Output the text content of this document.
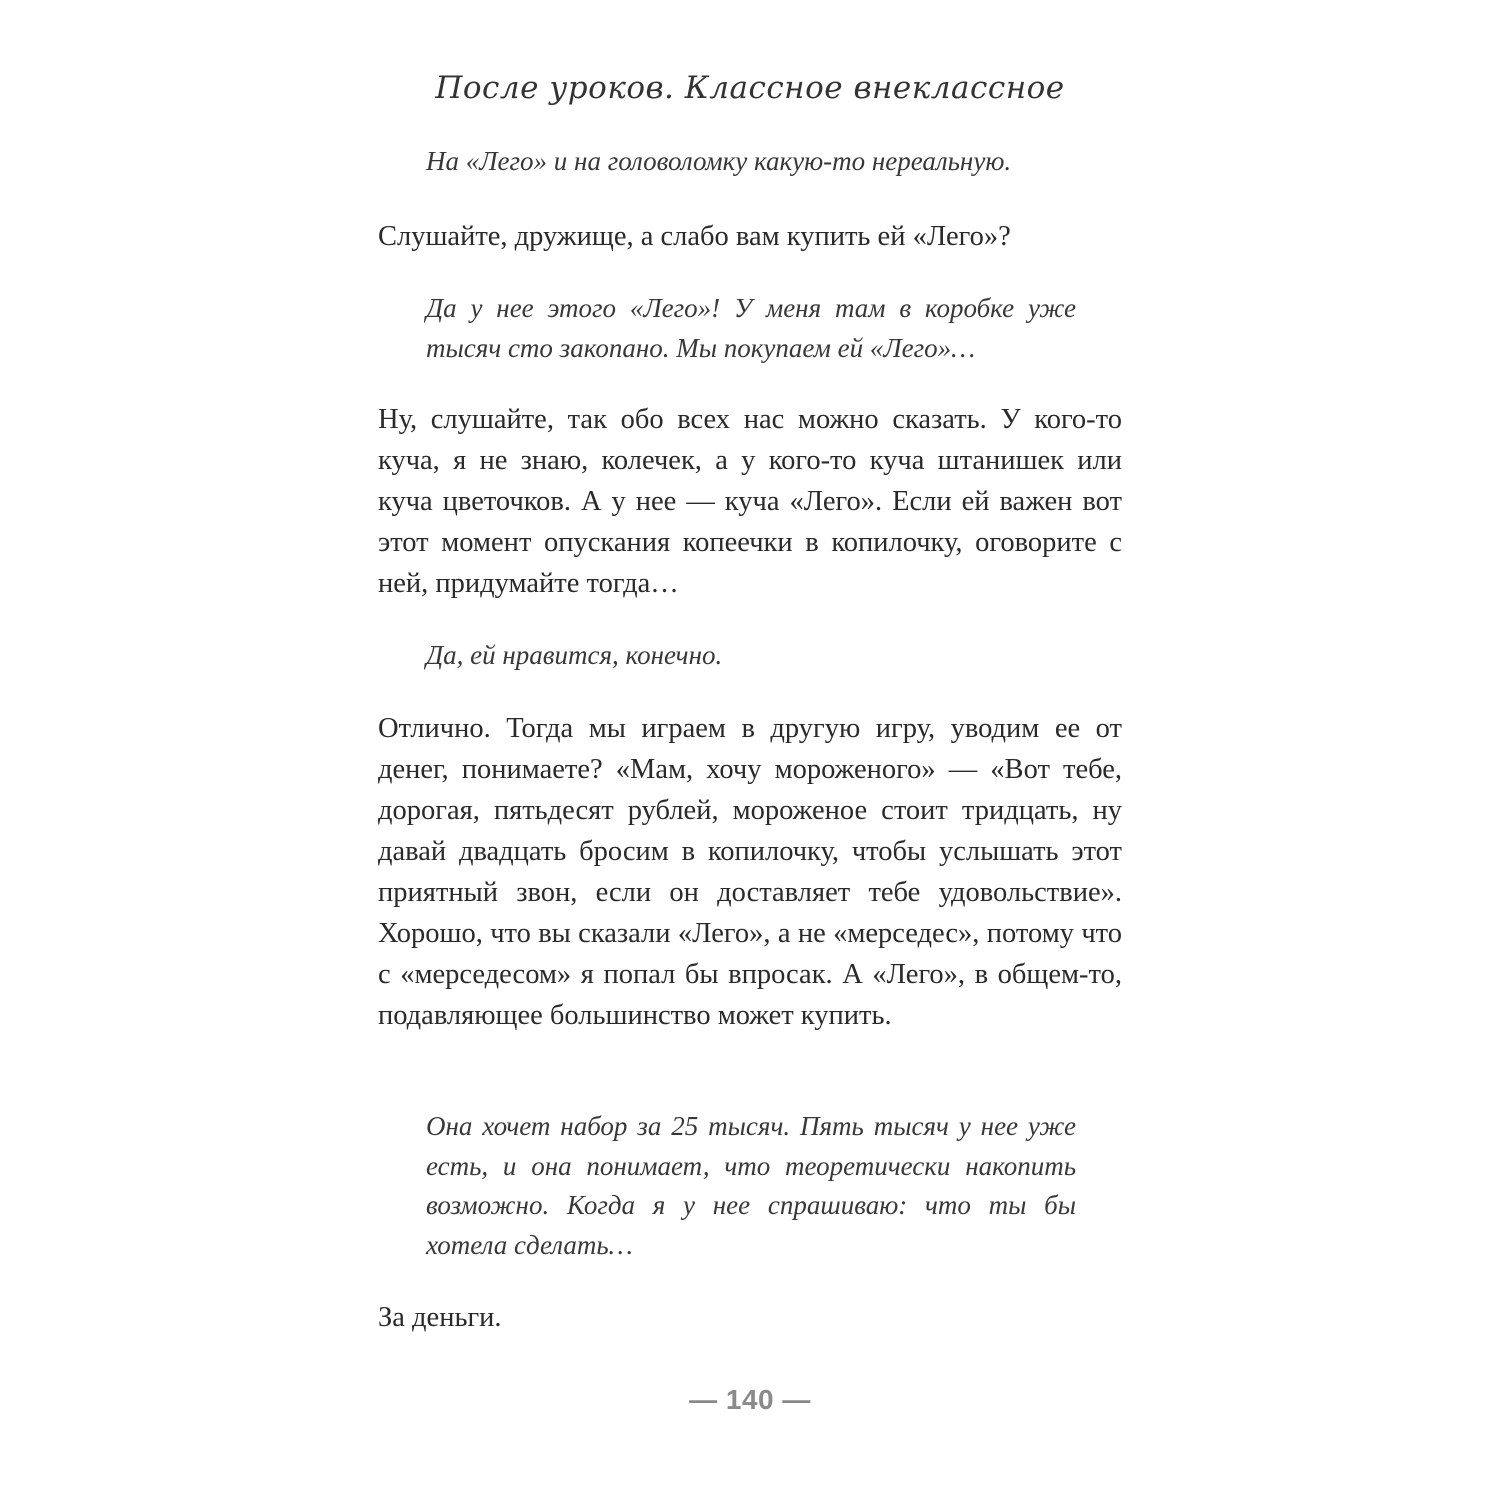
После уроков. Классное внеклассное

На «Лего» и на головоломку какую-то нереальную.

Слушайте, дружище, а слабо вам купить ей «Лего»?

Да у нее этого «Лего»! У меня там в коробке уже тысяч сто закопано. Мы покупаем ей «Лего»…

Ну, слушайте, так обо всех нас можно сказать. У кого-то куча, я не знаю, колечек, а у кого-то куча штанишек или куча цветочков. А у нее — куча «Лего». Если ей важен вот этот момент опускания копеечки в копилочку, оговорите с ней, придумайте тогда…

Да, ей нравится, конечно.

Отлично. Тогда мы играем в другую игру, уводим ее от денег, понимаете? «Мам, хочу мороженого» — «Вот тебе, дорогая, пятьдесят рублей, мороженое стоит тридцать, ну давай двадцать бросим в копилочку, чтобы услышать этот приятный звон, если он доставляет тебе удовольствие». Хорошо, что вы сказали «Лего», а не «мерседес», потому что с «мерседесом» я попал бы впросак. А «Лего», в общем-то, подавляющее большинство может купить.

Она хочет набор за 25 тысяч. Пять тысяч у нее уже есть, и она понимает, что теоретически накопить возможно. Когда я у нее спрашиваю: что ты бы хотела сделать…

За деньги.

— 140 —
